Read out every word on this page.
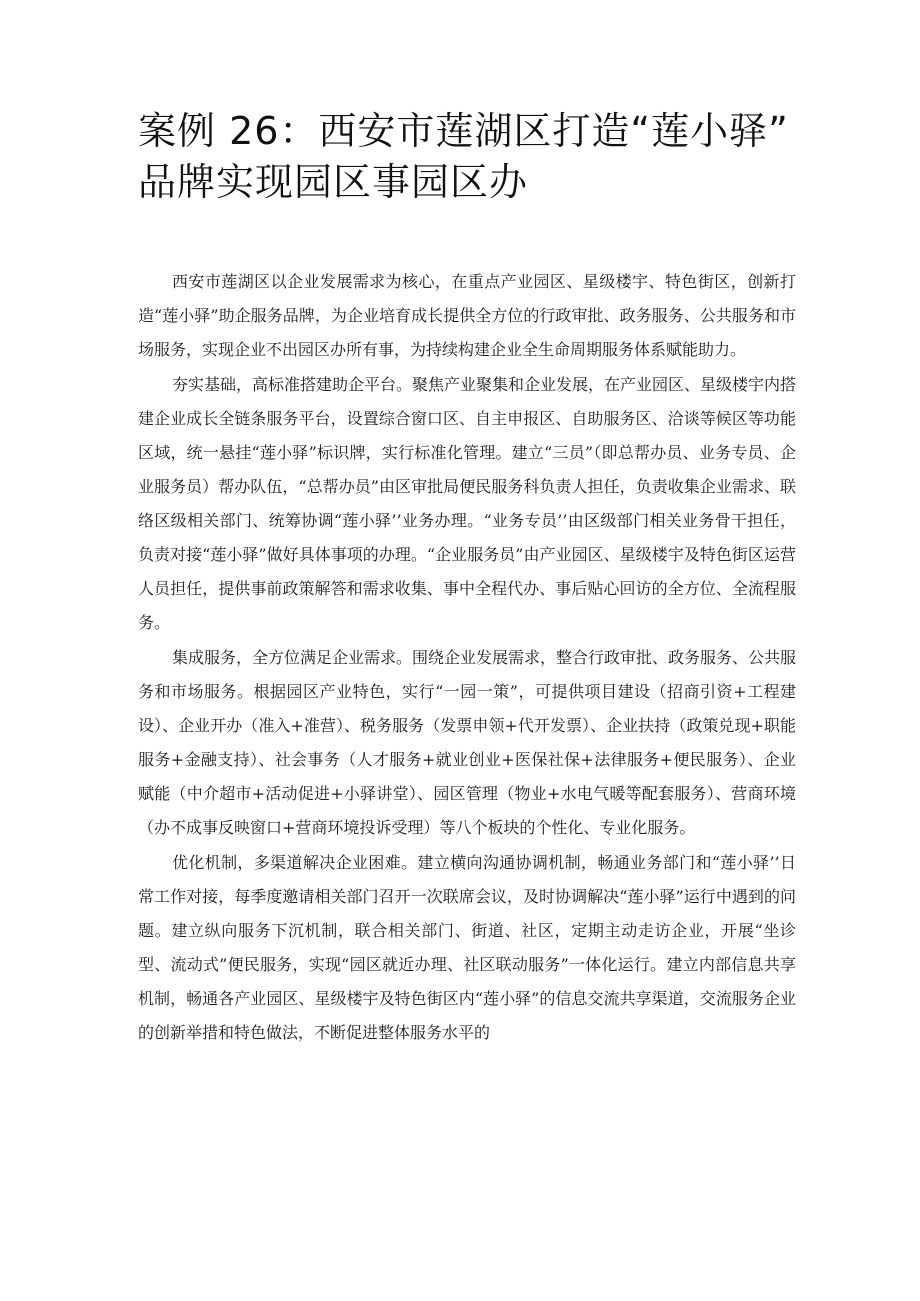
案例 26：西安市莲湖区打造“莲小驿”
品牌实现园区事园区办

西安市莲湖区以企业发展需求为核心，在重点产业园区、星级楼宇、特色街区，创新打造“莲小驿”助企服务品牌，为企业培育成长提供全方位的行政审批、政务服务、公共服务和市场服务，实现企业不出园区办所有事，为持续构建企业全生命周期服务体系赋能助力。

夯实基础，高标准搭建助企平台。聚焦产业聚集和企业发展，在产业园区、星级楼宇内搭建企业成长全链条服务平台，设置综合窗口区、自主申报区、自助服务区、洽谈等候区等功能区域，统一悬挂“莲小驿”标识牌，实行标准化管理。建立“三员”（即总帮办员、业务专员、企业服务员）帮办队伍，“总帮办员”由区审批局便民服务科负责人担任，负责收集企业需求、联络区级相关部门、统筹协调“莲小驿’’业务办理。“业务专员’’由区级部门相关业务骨干担任，负责对接“莲小驿”做好具体事项的办理。“企业服务员”由产业园区、星级楼宇及特色街区运营人员担任，提供事前政策解答和需求收集、事中全程代办、事后贴心回访的全方位、全流程服务。

集成服务，全方位满足企业需求。围绕企业发展需求，整合行政审批、政务服务、公共服务和市场服务。根据园区产业特色，实行“一园一策”，可提供项目建设（招商引资+工程建设）、企业开办（准入+准营）、税务服务（发票申领+代开发票）、企业扶持（政策兑现+职能服务+金融支持）、社会事务（人才服务+就业创业+医保社保+法律服务+便民服务）、企业赋能（中介超市+活动促进+小驿讲堂）、园区管理（物业+水电气暖等配套服务）、营商环境（办不成事反映窗口+营商环境投诉受理）等八个板块的个性化、专业化服务。

优化机制，多渠道解决企业困难。建立横向沟通协调机制，畅通业务部门和“莲小驿’’日常工作对接，每季度邀请相关部门召开一次联席会议，及时协调解决“莲小驿”运行中遇到的问题。建立纵向服务下沉机制，联合相关部门、街道、社区，定期主动走访企业，开展“坐诊型、流动式”便民服务，实现“园区就近办理、社区联动服务”一体化运行。建立内部信息共享机制，畅通各产业园区、星级楼宇及特色街区内“莲小驿”的信息交流共享渠道，交流服务企业的创新举措和特色做法，不断促进整体服务水平的
